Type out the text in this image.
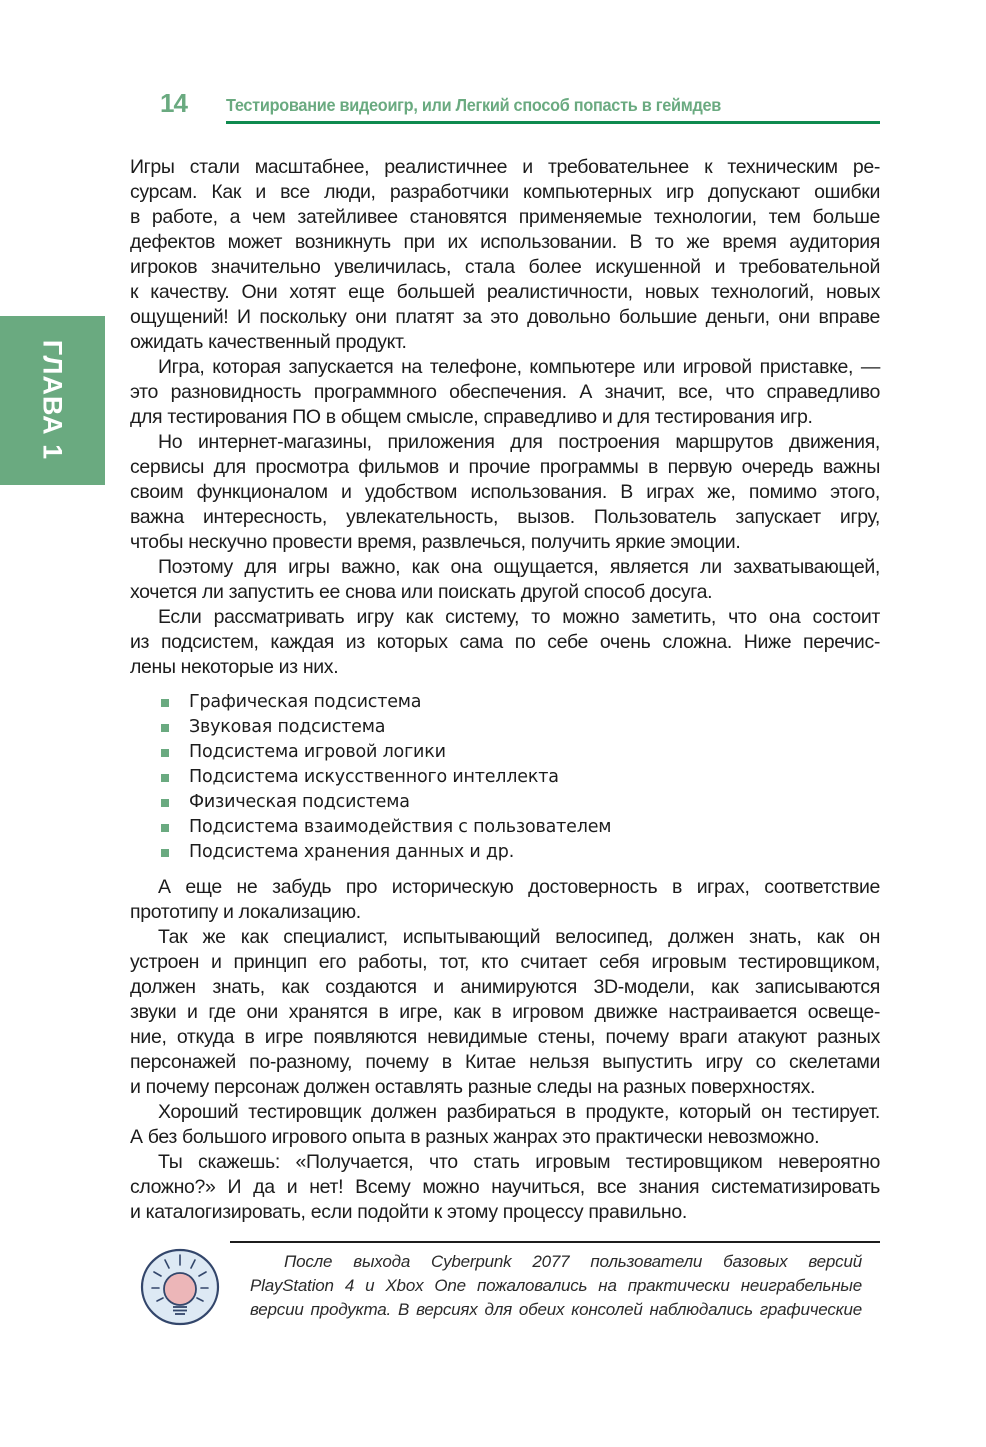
14 Тестирование видеоигр, или Легкий способ попасть в геймдев
ГЛАВА 1
Игры стали масштабнее, реалистичнее и требовательнее к техническим ре-
сурсам. Как и все люди, разработчики компьютерных игр допускают ошибки
в работе, а чем затейливее становятся применяемые технологии, тем больше
дефектов может возникнуть при их использовании. В то же время аудитория
игроков значительно увеличилась, стала более искушенной и требовательной
к качеству. Они хотят еще большей реалистичности, новых технологий, новых
ощущений! И поскольку они платят за это довольно большие деньги, они вправе
ожидать качественный продукт.
Игра, которая запускается на телефоне, компьютере или игровой приставке, —
это разновидность программного обеспечения. А значит, все, что справедливо
для тестирования ПО в общем смысле, справедливо и для тестирования игр.
Но интернет-магазины, приложения для построения маршрутов движения,
сервисы для просмотра фильмов и прочие программы в первую очередь важны
своим функционалом и удобством использования. В играх же, помимо этого,
важна интересность, увлекательность, вызов. Пользователь запускает игру,
чтобы нескучно провести время, развлечься, получить яркие эмоции.
Поэтому для игры важно, как она ощущается, является ли захватывающей,
хочется ли запустить ее снова или поискать другой способ досуга.
Если рассматривать игру как систему, то можно заметить, что она состоит
из подсистем, каждая из которых сама по себе очень сложна. Ниже перечис-
лены некоторые из них.
Графическая подсистема
Звуковая подсистема
Подсистема игровой логики
Подсистема искусственного интеллекта
Физическая подсистема
Подсистема взаимодействия с пользователем
Подсистема хранения данных и др.
А еще не забудь про историческую достоверность в играх, соответствие
прототипу и локализацию.
Так же как специалист, испытывающий велосипед, должен знать, как он
устроен и принцип его работы, тот, кто считает себя игровым тестировщиком,
должен знать, как создаются и анимируются 3D-модели, как записываются
звуки и где они хранятся в игре, как в игровом движке настраивается освеще-
ние, откуда в игре появляются невидимые стены, почему враги атакуют разных
персонажей по-разному, почему в Китае нельзя выпустить игру со скелетами
и почему персонаж должен оставлять разные следы на разных поверхностях.
Хороший тестировщик должен разбираться в продукте, который он тестирует.
А без большого игрового опыта в разных жанрах это практически невозможно.
Ты скажешь: «Получается, что стать игровым тестировщиком невероятно
сложно?» И да и нет! Всему можно научиться, все знания систематизировать
и каталогизировать, если подойти к этому процессу правильно.
После выхода Cyberpunk 2077 пользователи базовых версий
PlayStation 4 и Xbox One пожаловались на практически неиграбельные
версии продукта. В версиях для обеих консолей наблюдались графические
